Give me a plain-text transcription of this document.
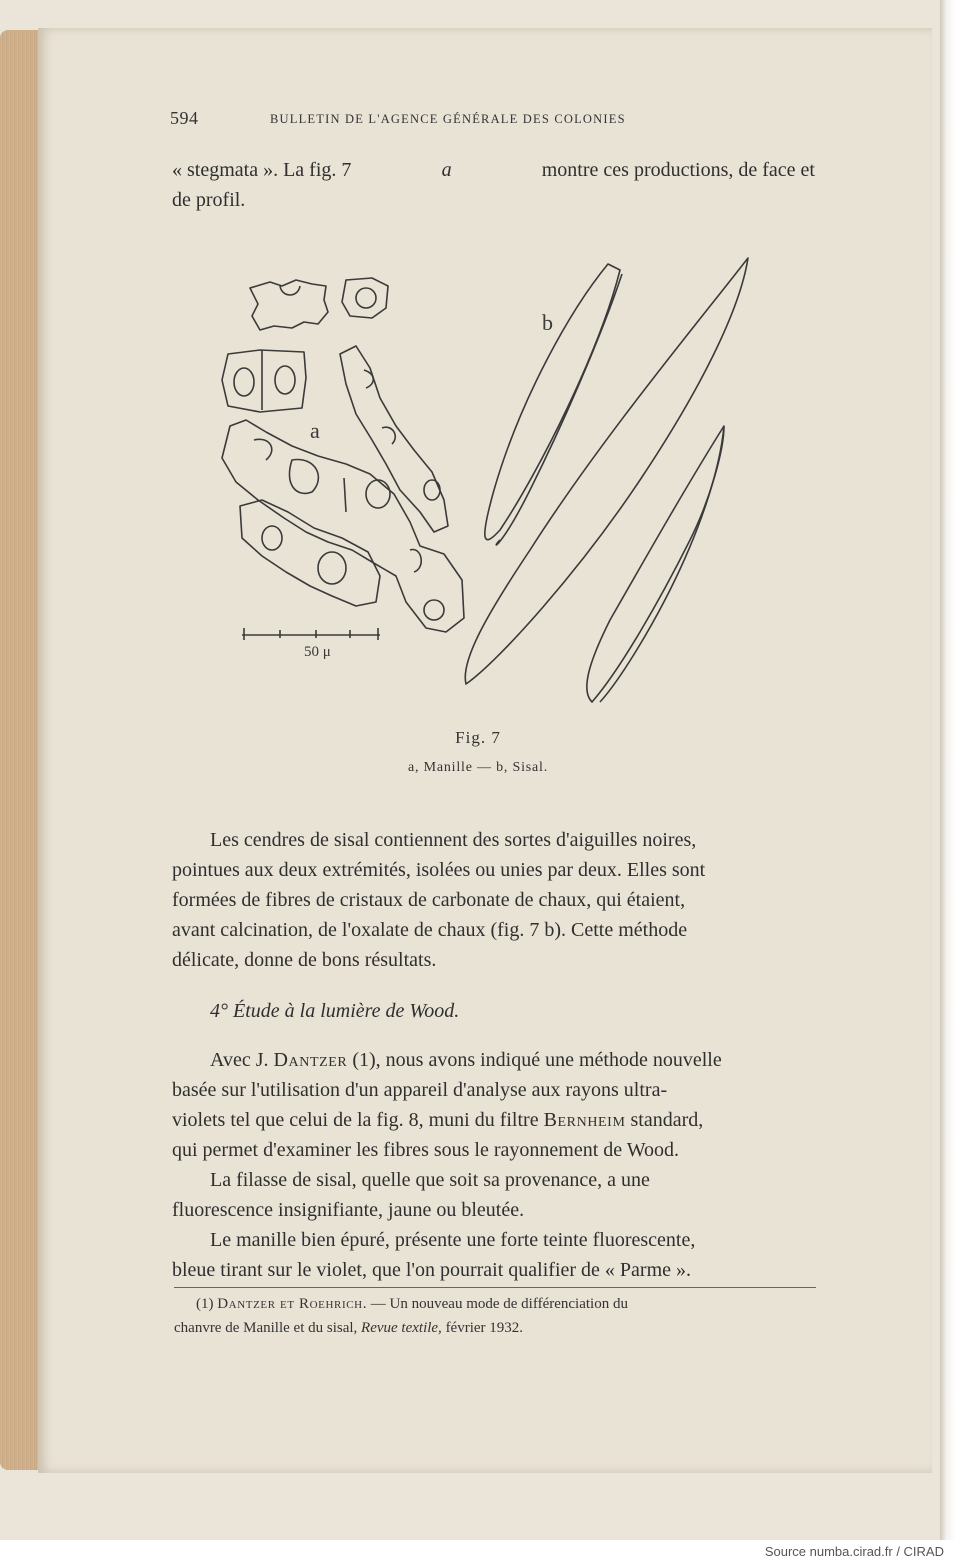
594	BULLETIN DE L'AGENCE GÉNÉRALE DES COLONIES
« stegmata ». La fig. 7	a	montre ces productions, de face et
de profil.
a
b
50 μ
Fig. 7
a, Manille — b, Sisal.
Les cendres de sisal contiennent des sortes d'aiguilles noires,
pointues aux deux extrémités, isolées ou unies par deux. Elles sont
formées de fibres de cristaux de carbonate de chaux, qui étaient,
avant calcination, de l'oxalate de chaux (fig. 7 b). Cette méthode
délicate, donne de bons résultats.
4° Étude à la lumière de Wood.
Avec J. Dantzer (1), nous avons indiqué une méthode nouvelle
basée sur l'utilisation d'un appareil d'analyse aux rayons ultra-
violets tel que celui de la fig. 8, muni du filtre Bernheim standard,
qui permet d'examiner les fibres sous le rayonnement de Wood.
La filasse de sisal, quelle que soit sa provenance, a une
fluorescence insignifiante, jaune ou bleutée.
Le manille bien épuré, présente une forte teinte fluorescente,
bleue tirant sur le violet, que l'on pourrait qualifier de « Parme ».
(1) Dantzer et Roehrich. — Un nouveau mode de différenciation du
chanvre de Manille et du sisal, Revue textile, février 1932.
Source numba.cirad.fr / CIRAD
